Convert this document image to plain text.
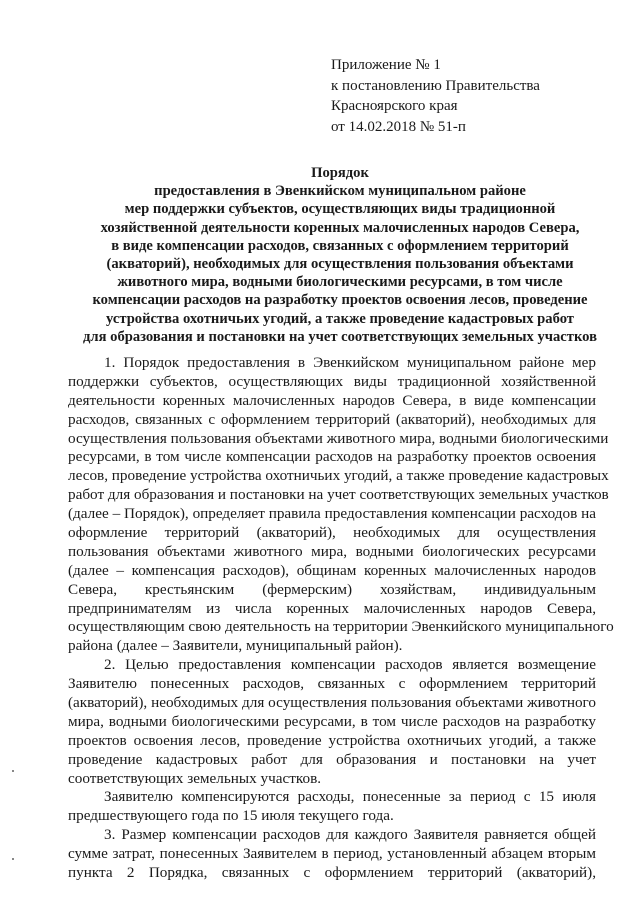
Приложение № 1
к постановлению Правительства
Красноярского края
от 14.02.2018 № 51-п
Порядок
предоставления в Эвенкийском муниципальном районе
мер поддержки субъектов, осуществляющих виды традиционной
хозяйственной деятельности коренных малочисленных народов Севера,
в виде компенсации расходов, связанных с оформлением территорий
(акваторий), необходимых для осуществления пользования объектами
животного мира, водными биологическими ресурсами, в том числе
компенсации расходов на разработку проектов освоения лесов, проведение
устройства охотничьих угодий, а также проведение кадастровых работ
для образования и постановки на учет соответствующих земельных участков
1. Порядок предоставления в Эвенкийском муниципальном районе мер
поддержки субъектов, осуществляющих виды традиционной хозяйственной
деятельности коренных малочисленных народов Севера, в виде компенсации
расходов, связанных с оформлением территорий (акваторий), необходимых для
осуществления пользования объектами животного мира, водными биологическими
ресурсами, в том числе компенсации расходов на разработку проектов освоения
лесов, проведение устройства охотничьих угодий, а также проведение кадастровых
работ для образования и постановки на учет соответствующих земельных участков
(далее – Порядок), определяет правила предоставления компенсации расходов на
оформление территорий (акваторий), необходимых для осуществления
пользования объектами животного мира, водными биологических ресурсами
(далее – компенсация расходов), общинам коренных малочисленных народов
Севера, крестьянским (фермерским) хозяйствам, индивидуальным
предпринимателям из числа коренных малочисленных народов Севера,
осуществляющим свою деятельность на территории Эвенкийского муниципального
района (далее – Заявители, муниципальный район).
2. Целью предоставления компенсации расходов является возмещение
Заявителю понесенных расходов, связанных с оформлением территорий
(акваторий), необходимых для осуществления пользования объектами животного
мира, водными биологическими ресурсами, в том числе расходов на разработку
проектов освоения лесов, проведение устройства охотничьих угодий, а также
проведение кадастровых работ для образования и постановки на учет
соответствующих земельных участков.
Заявителю компенсируются расходы, понесенные за период с 15 июля
предшествующего года по 15 июля текущего года.
3. Размер компенсации расходов для каждого Заявителя равняется общей
сумме затрат, понесенных Заявителем в период, установленный абзацем вторым
пункта 2 Порядка, связанных с оформлением территорий (акваторий),
